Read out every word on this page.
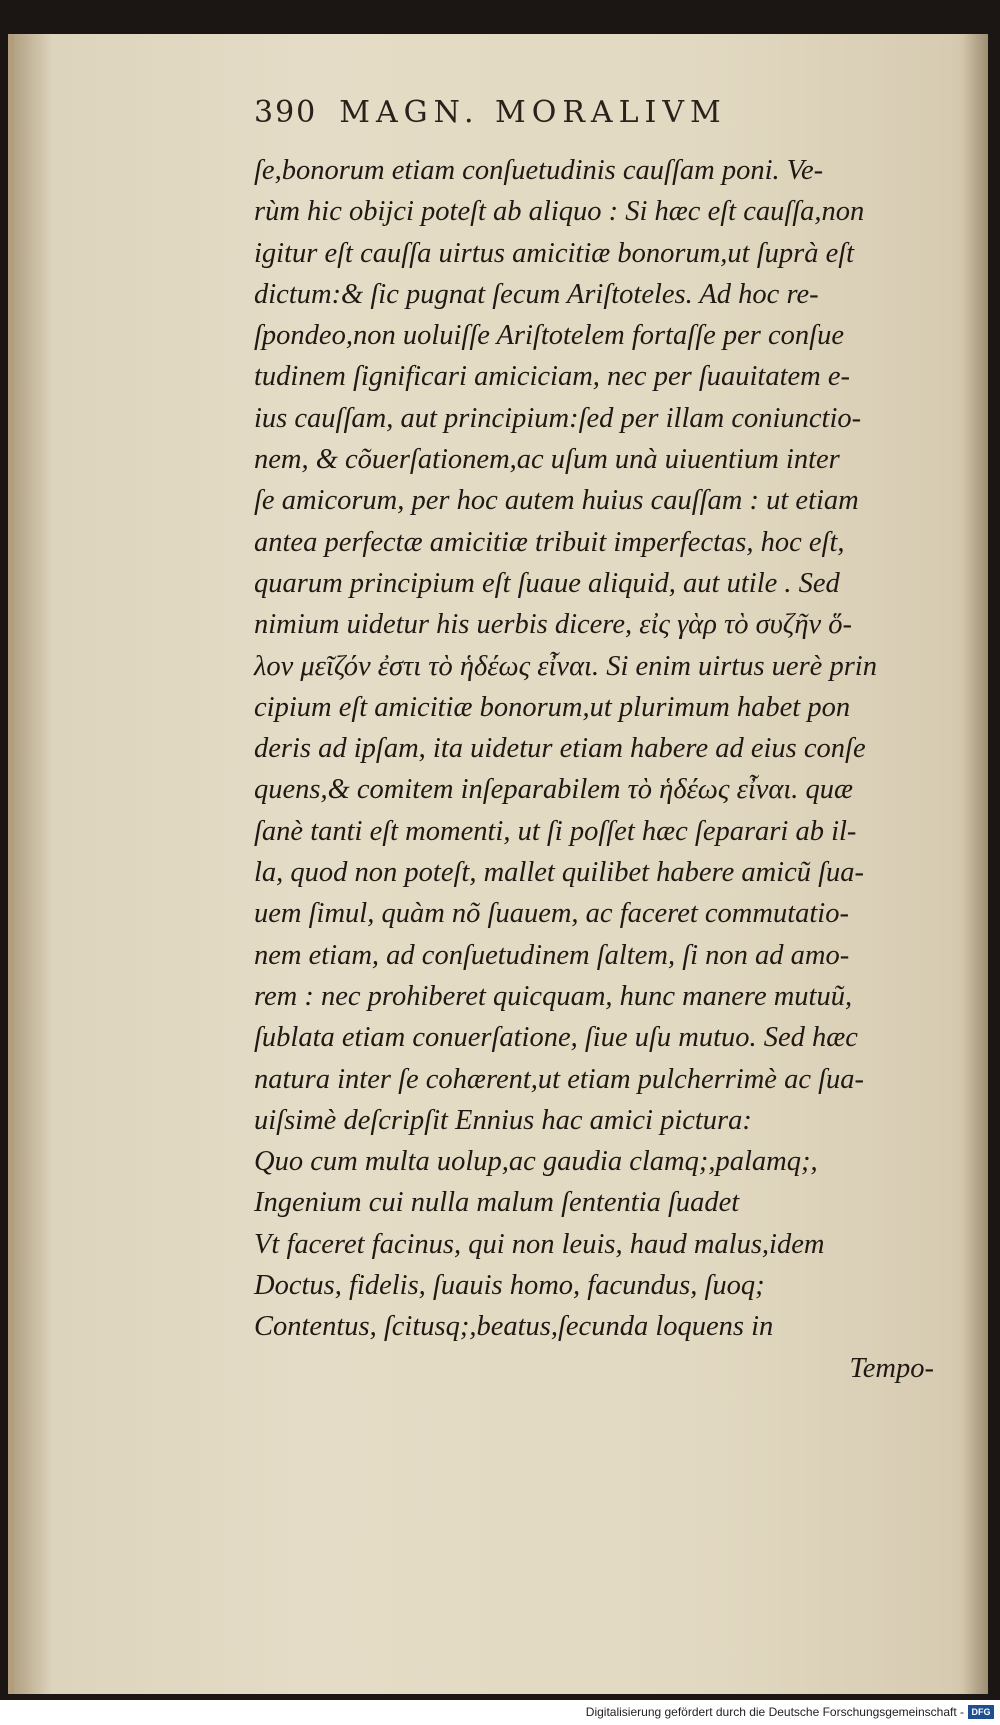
390 MAGN. MORALIVM
ſe,bonorum etiam conſuetudinis cauſſam poni. Ve-
rùm hic obijci poteſt ab aliquo : Si hæc eſt cauſſa,non
igitur eſt cauſſa uirtus amicitiæ bonorum,ut ſuprà eſt
dictum:& ſic pugnat ſecum Ariſtoteles. Ad hoc re-
ſpondeo,non uoluiſſe Ariſtotelem fortaſſe per conſue
tudinem ſignificari amiciciam, nec per ſuauitatem e-
ius cauſſam, aut principium:ſed per illam coniunctio-
nem, & cõuerſationem,ac uſum unà uiuentium inter
ſe amicorum, per hoc autem huius cauſſam : ut etiam
antea perfectæ amicitiæ tribuit imperfectas, hoc eſt,
quarum principium eſt ſuaue aliquid, aut utile . Sed
nimium uidetur his uerbis dicere, εἰς γὰρ τὸ συζῆν ὅ-
λον μεῖζόν ἐστι τὸ ἡδέως εἶναι. Si enim uirtus uerè prin
cipium eſt amicitiæ bonorum,ut plurimum habet pon
deris ad ipſam, ita uidetur etiam habere ad eius conſe
quens,& comitem inſeparabilem τὸ ἡδέως εἶναι. quæ
ſanè tanti eſt momenti, ut ſi poſſet hæc ſeparari ab il-
la, quod non poteſt, mallet quilibet habere amicũ ſua-
uem ſimul, quàm nõ ſuauem, ac faceret commutatio-
nem etiam, ad conſuetudinem ſaltem, ſi non ad amo-
rem : nec prohiberet quicquam, hunc manere mutuũ,
ſublata etiam conuerſatione, ſiue uſu mutuo. Sed hæc
natura inter ſe cohærent,ut etiam pulcherrimè ac ſua-
uiſsimè deſcripſit Ennius hac amici pictura:
Quo cum multa uolup,ac gaudia clamq;,palamq;,
Ingenium cui nulla malum ſententia ſuadet
Vt faceret facinus, qui non leuis, haud malus,idem
Doctus, fidelis, ſuauis homo, facundus, ſuoq;
Contentus, ſcitusq;,beatus,ſecunda loquens in
Tempo-
Digitalisierung gefördert durch die Deutsche Forschungsgemeinschaft - DFG
